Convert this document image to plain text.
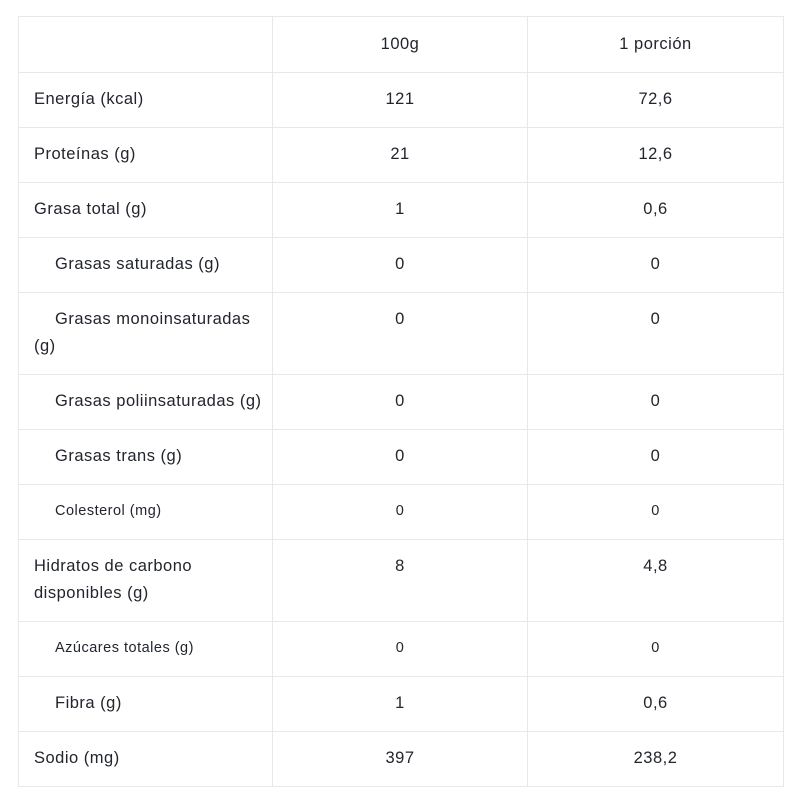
	100g	1 porción

Energía (kcal)	121	72,6

Proteínas (g)	21	12,6

Grasa total (g)	1	0,6

Grasas saturadas (g)	0	0

Grasas monoinsaturadas
(g)	0	0

Grasas poliinsaturadas (g)	0	0

Grasas trans (g)	0	0

Colesterol (mg)	0	0

Hidratos de carbono
disponibles (g)	8	4,8

Azúcares totales (g)	0	0

Fibra (g)	1	0,6

Sodio (mg)	397	238,2
